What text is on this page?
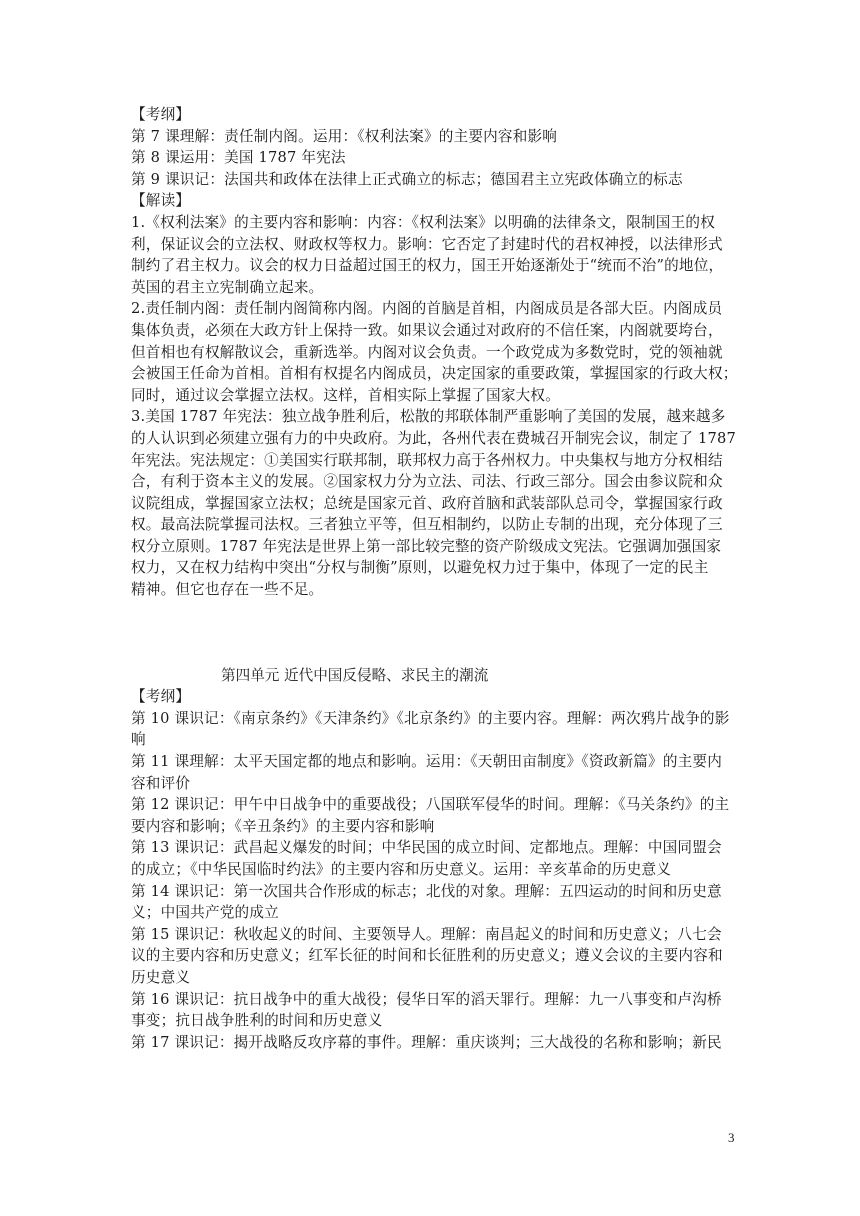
【考纲】
第 7 课理解：责任制内阁。运用：《权利法案》的主要内容和影响
第 8 课运用：美国 1787 年宪法
第 9 课识记：法国共和政体在法律上正式确立的标志；德国君主立宪政体确立的标志
【解读】
1.《权利法案》的主要内容和影响：内容：《权利法案》以明确的法律条文，限制国王的权
利，保证议会的立法权、财政权等权力。影响：它否定了封建时代的君权神授，以法律形式
制约了君主权力。议会的权力日益超过国王的权力，国王开始逐渐处于“统而不治”的地位，
英国的君主立宪制确立起来。
2.责任制内阁：责任制内阁简称内阁。内阁的首脑是首相，内阁成员是各部大臣。内阁成员
集体负责，必须在大政方针上保持一致。如果议会通过对政府的不信任案，内阁就要垮台，
但首相也有权解散议会，重新选举。内阁对议会负责。一个政党成为多数党时，党的领袖就
会被国王任命为首相。首相有权提名内阁成员，决定国家的重要政策，掌握国家的行政大权；
同时，通过议会掌握立法权。这样，首相实际上掌握了国家大权。
3.美国 1787 年宪法：独立战争胜利后，松散的邦联体制严重影响了美国的发展，越来越多
的人认识到必须建立强有力的中央政府。为此，各州代表在费城召开制宪会议，制定了 1787
年宪法。宪法规定：①美国实行联邦制，联邦权力高于各州权力。中央集权与地方分权相结
合，有利于资本主义的发展。②国家权力分为立法、司法、行政三部分。国会由参议院和众
议院组成，掌握国家立法权；总统是国家元首、政府首脑和武装部队总司令，掌握国家行政
权。最高法院掌握司法权。三者独立平等，但互相制约，以防止专制的出现，充分体现了三
权分立原则。1787 年宪法是世界上第一部比较完整的资产阶级成文宪法。它强调加强国家
权力，又在权力结构中突出“分权与制衡”原则，以避免权力过于集中，体现了一定的民主
精神。但它也存在一些不足。
第四单元 近代中国反侵略、求民主的潮流
【考纲】
第 10 课识记：《南京条约》《天津条约》《北京条约》的主要内容。理解：两次鸦片战争的影
响
第 11 课理解：太平天国定都的地点和影响。运用：《天朝田亩制度》《资政新篇》的主要内
容和评价
第 12 课识记：甲午中日战争中的重要战役；八国联军侵华的时间。理解：《马关条约》的主
要内容和影响；《辛丑条约》的主要内容和影响
第 13 课识记：武昌起义爆发的时间；中华民国的成立时间、定都地点。理解：中国同盟会
的成立；《中华民国临时约法》的主要内容和历史意义。运用：辛亥革命的历史意义
第 14 课识记：第一次国共合作形成的标志；北伐的对象。理解：五四运动的时间和历史意
义；中国共产党的成立
第 15 课识记：秋收起义的时间、主要领导人。理解：南昌起义的时间和历史意义；八七会
议的主要内容和历史意义；红军长征的时间和长征胜利的历史意义；遵义会议的主要内容和
历史意义
第 16 课识记：抗日战争中的重大战役；侵华日军的滔天罪行。理解：九一八事变和卢沟桥
事变；抗日战争胜利的时间和历史意义
第 17 课识记：揭开战略反攻序幕的事件。理解：重庆谈判；三大战役的名称和影响；新民
3
